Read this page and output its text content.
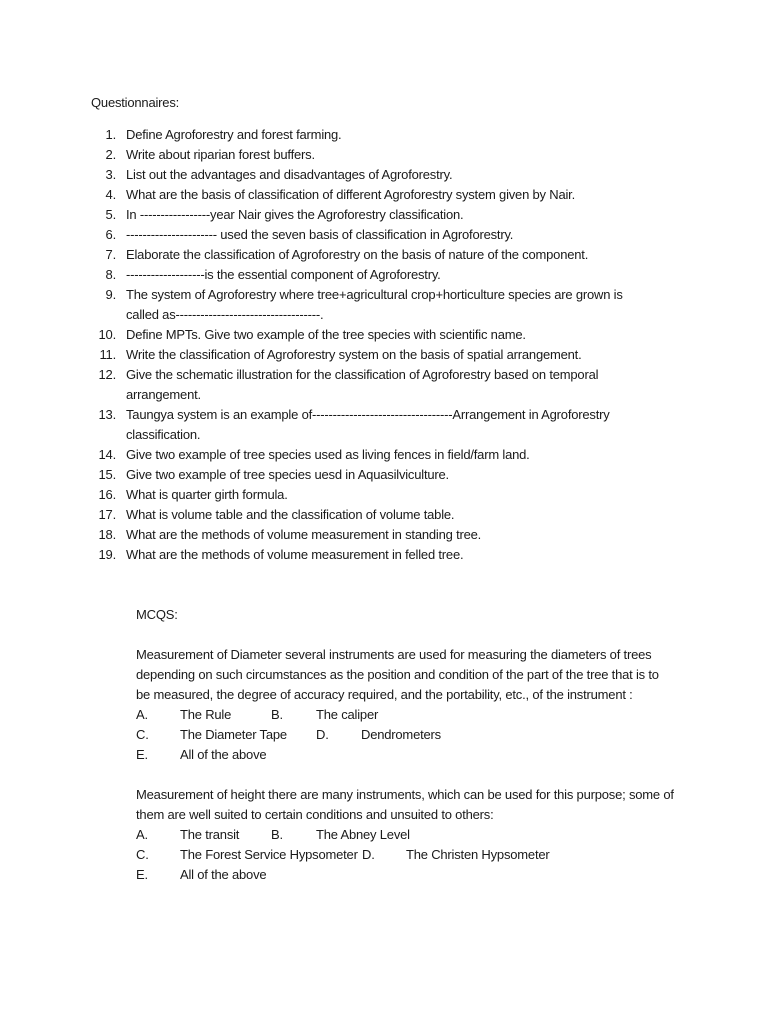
Questionnaires:
1. Define Agroforestry and forest farming.
2. Write about riparian forest buffers.
3. List out the advantages and disadvantages of Agroforestry.
4. What are the basis of classification of different Agroforestry system given by Nair.
5. In -----------------year Nair gives the Agroforestry classification.
6. ---------------------- used the seven basis of classification in Agroforestry.
7. Elaborate the classification of Agroforestry on the basis of nature of the component.
8. -------------------is the essential component of Agroforestry.
9. The system of Agroforestry where tree+agricultural crop+horticulture species are grown is called as-----------------------------------.
10. Define MPTs. Give two example of the tree species with scientific name.
11. Write the classification of Agroforestry system on the basis of spatial arrangement.
12. Give the schematic illustration for the classification of Agroforestry based on temporal arrangement.
13. Taungya system is an example of----------------------------------Arrangement in Agroforestry classification.
14. Give two example of tree species used as living fences in field/farm land.
15. Give two example of tree species uesd in Aquasilviculture.
16. What is quarter girth formula.
17. What is volume table and the classification of volume table.
18. What are the methods of volume measurement in standing tree.
19. What are the methods of volume measurement in felled tree.
MCQS:
Measurement of Diameter several instruments are used for measuring the diameters of trees depending on such circumstances as the position and condition of the part of the tree that is to be measured, the degree of accuracy required, and the portability, etc., of the instrument :
A. The Rule	B.	The caliper
C. The Diameter Tape D. Dendrometers
E. All of the above
Measurement of height there are many instruments, which can be used for this purpose; some of them are well suited to certain conditions and unsuited to others:
A. The transit B.	The Abney Level
C. The Forest Service Hypsometer D. The Christen Hypsometer
E. All of the above
